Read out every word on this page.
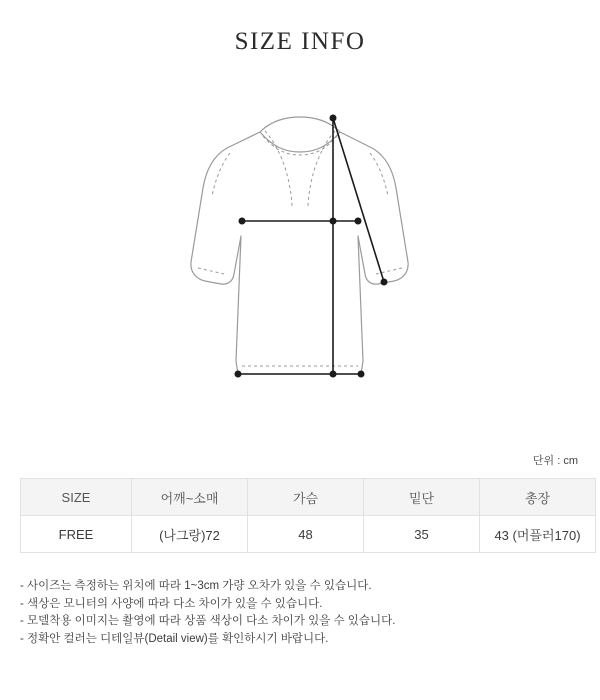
SIZE INFO
단위 : cm
SIZE	어깨~소매	가슴	밑단	총장
FREE	(나그랑)72	48	35	43 (머플러170)
- 사이즈는 측정하는 위치에 따라 1~3cm 가량 오차가 있을 수 있습니다.
- 색상은 모니터의 사양에 따라 다소 차이가 있을 수 있습니다.
- 모델착용 이미지는 촬영에 따라 상품 색상이 다소 차이가 있을 수 있습니다.
- 정확안 컬러는 디테일뷰(Detail view)를 확인하시기 바랍니다.
